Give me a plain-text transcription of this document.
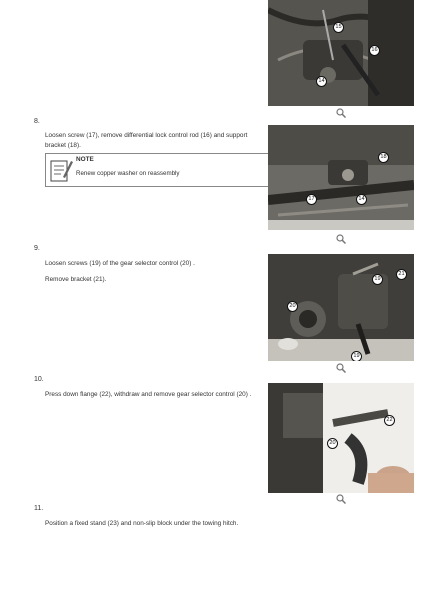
15
16
14
8.
Loosen screw (17), remove differential lock control rod (16) and support
bracket (18).
NOTE
Renew copper washer on reassembly
18
17	14
9.
Loosen screws (19) of the gear selector control (20) .
Remove bracket (21).	19
21
20
19
10.
Press down flange (22), withdraw and remove gear selector control (20) .
22
20
11.
Position a fixed stand (23) and non-slip block under the towing hitch.
